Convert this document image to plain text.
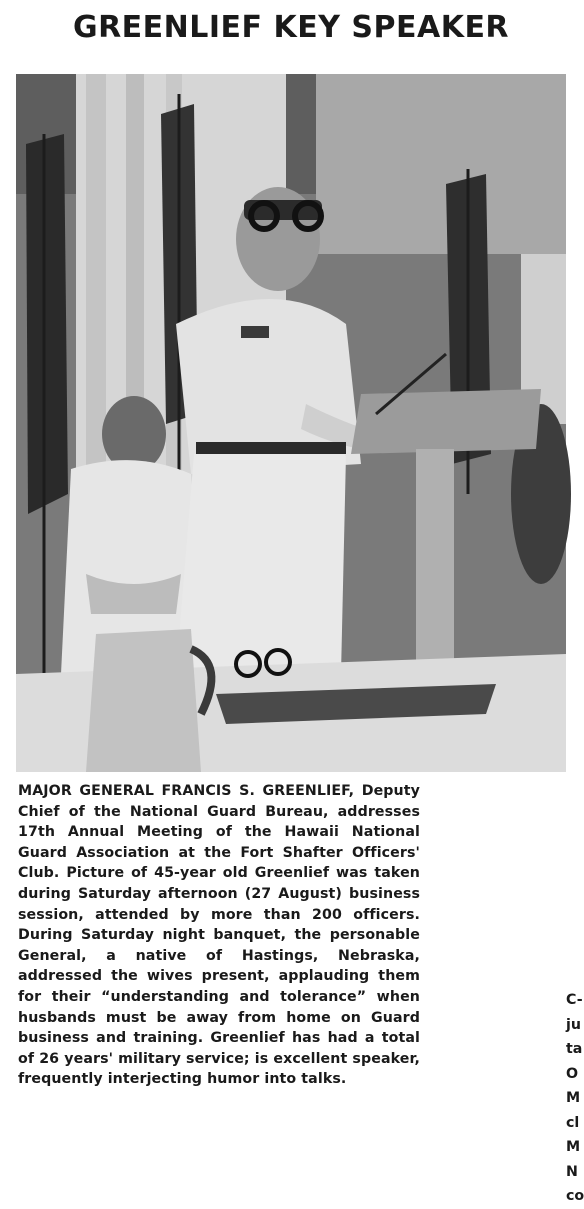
GREENLIEF KEY SPEAKER

MAJOR GENERAL FRANCIS S. GREENLIEF, Deputy Chief of the National Guard Bureau, addresses 17th Annual Meeting of the Hawaii National Guard Association at the Fort Shafter Officers' Club. Picture of 45-year old Greenlief was taken during Saturday afternoon (27 August) business session, attended by more than 200 officers. During Saturday night banquet, the personable General, a native of Hastings, Nebraska, addressed the wives present, applauding them for their “understanding and tolerance” when husbands must be away from home on Guard business and training. Greenlief has had a total of 26 years' military service; is excellent speaker, frequently interjecting humor into talks.

C-
ju
ta
O
M
cl
M
N
co
